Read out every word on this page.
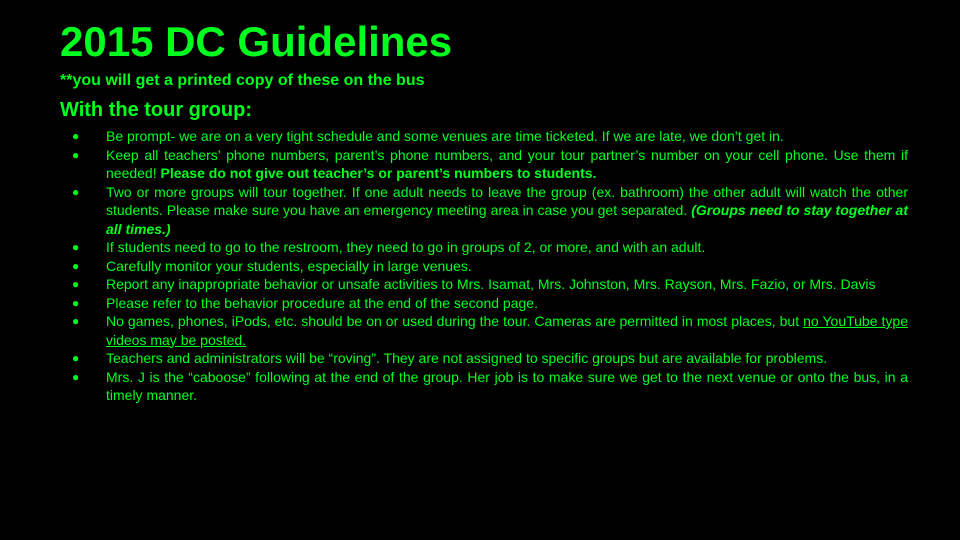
2015 DC Guidelines

**you will get a printed copy of these on the bus

With the tour group:
● Be prompt- we are on a very tight schedule and some venues are time ticketed. If we are late, we don’t get in.
● Keep all teachers’ phone numbers, parent’s phone numbers, and your tour partner’s number on your cell phone. Use them if needed! Please do not give out teacher’s or parent’s numbers to students.
● Two or more groups will tour together. If one adult needs to leave the group (ex. bathroom) the other adult will watch the other students. Please make sure you have an emergency meeting area in case you get separated. (Groups need to stay together at all times.)
● If students need to go to the restroom, they need to go in groups of 2, or more, and with an adult.
● Carefully monitor your students, especially in large venues.
● Report any inappropriate behavior or unsafe activities to Mrs. Isamat, Mrs. Johnston, Mrs. Rayson, Mrs. Fazio, or Mrs. Davis
● Please refer to the behavior procedure at the end of the second page.
● No games, phones, iPods, etc. should be on or used during the tour. Cameras are permitted in most places, but no YouTube type videos may be posted.
● Teachers and administrators will be “roving”. They are not assigned to specific groups but are available for problems.
● Mrs. J is the “caboose” following at the end of the group. Her job is to make sure we get to the next venue or onto the bus, in a timely manner.
